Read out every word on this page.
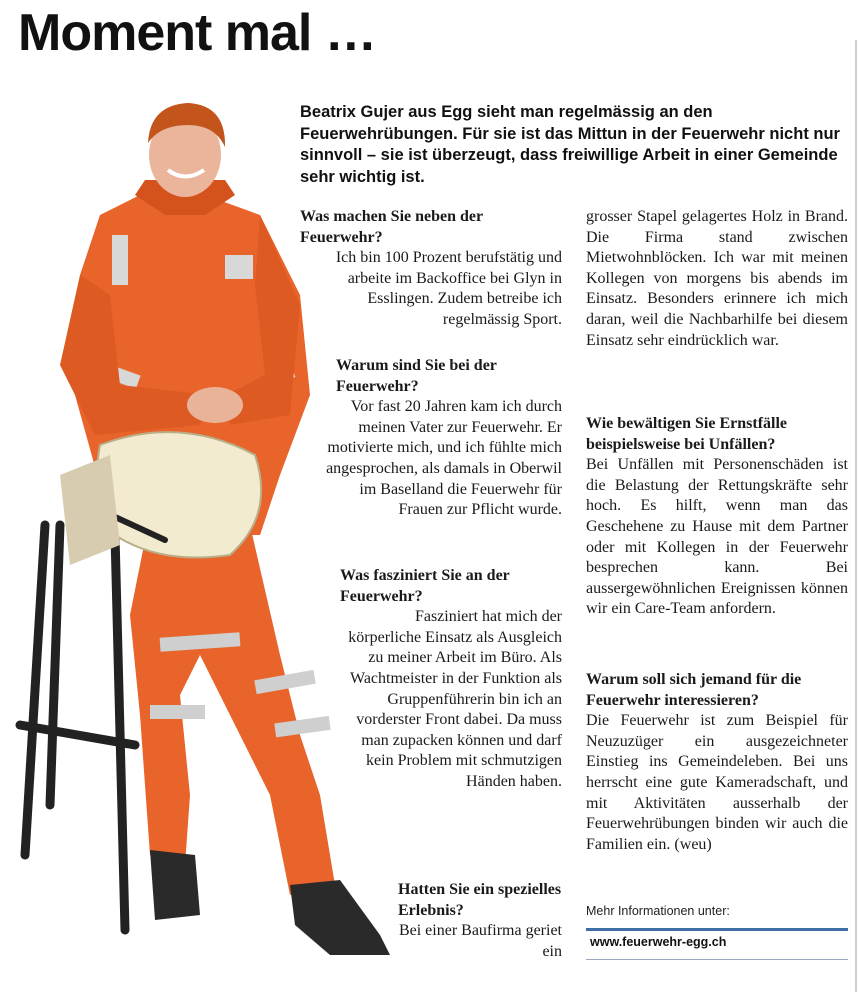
Moment mal …

Beatrix Gujer aus Egg sieht man regelmässig an den Feuerwehrübungen. Für sie ist das Mittun in der Feuerwehr nicht nur sinnvoll – sie ist überzeugt, dass freiwillige Arbeit in einer Gemeinde sehr wichtig ist.

Was machen Sie neben der Feuerwehr?

Ich bin 100 Prozent berufstätig und arbeite im Backoffice bei Glyn in Esslingen. Zudem betreibe ich regelmässig Sport.

Warum sind Sie bei der Feuerwehr?

Vor fast 20 Jahren kam ich durch meinen Vater zur Feuerwehr. Er motivierte mich, und ich fühlte mich angesprochen, als damals in Oberwil im Baselland die Feuerwehr für Frauen zur Pflicht wurde.

Was fasziniert Sie an der Feuerwehr?

Fasziniert hat mich der körperliche Einsatz als Ausgleich zu meiner Arbeit im Büro. Als Wachtmeister in der Funktion als Gruppenführerin bin ich an vorderster Front dabei. Da muss man zupacken können und darf kein Problem mit schmutzigen Händen haben.

Hatten Sie ein spezielles Erlebnis?

Bei einer Baufirma geriet ein

grosser Stapel gelagertes Holz in Brand. Die Firma stand zwischen Mietwohnblöcken. Ich war mit meinen Kollegen von morgens bis abends im Einsatz. Besonders erinnere ich mich daran, weil die Nachbarhilfe bei diesem Einsatz sehr eindrücklich war.

Wie bewältigen Sie Ernstfälle beispielsweise bei Unfällen?

Bei Unfällen mit Personenschäden ist die Belastung der Rettungskräfte sehr hoch. Es hilft, wenn man das Geschehene zu Hause mit dem Partner oder mit Kollegen in der Feuerwehr besprechen kann. Bei aussergewöhnlichen Ereignissen können wir ein Care-Team anfordern.

Warum soll sich jemand für die Feuerwehr interessieren?

Die Feuerwehr ist zum Beispiel für Neuzuzüger ein ausgezeichneter Einstieg ins Gemeindeleben. Bei uns herrscht eine gute Kameradschaft, und mit Aktivitäten ausserhalb der Feuerwehrübungen binden wir auch die Familien ein. (weu)

Mehr Informationen unter:
www.feuerwehr-egg.ch
